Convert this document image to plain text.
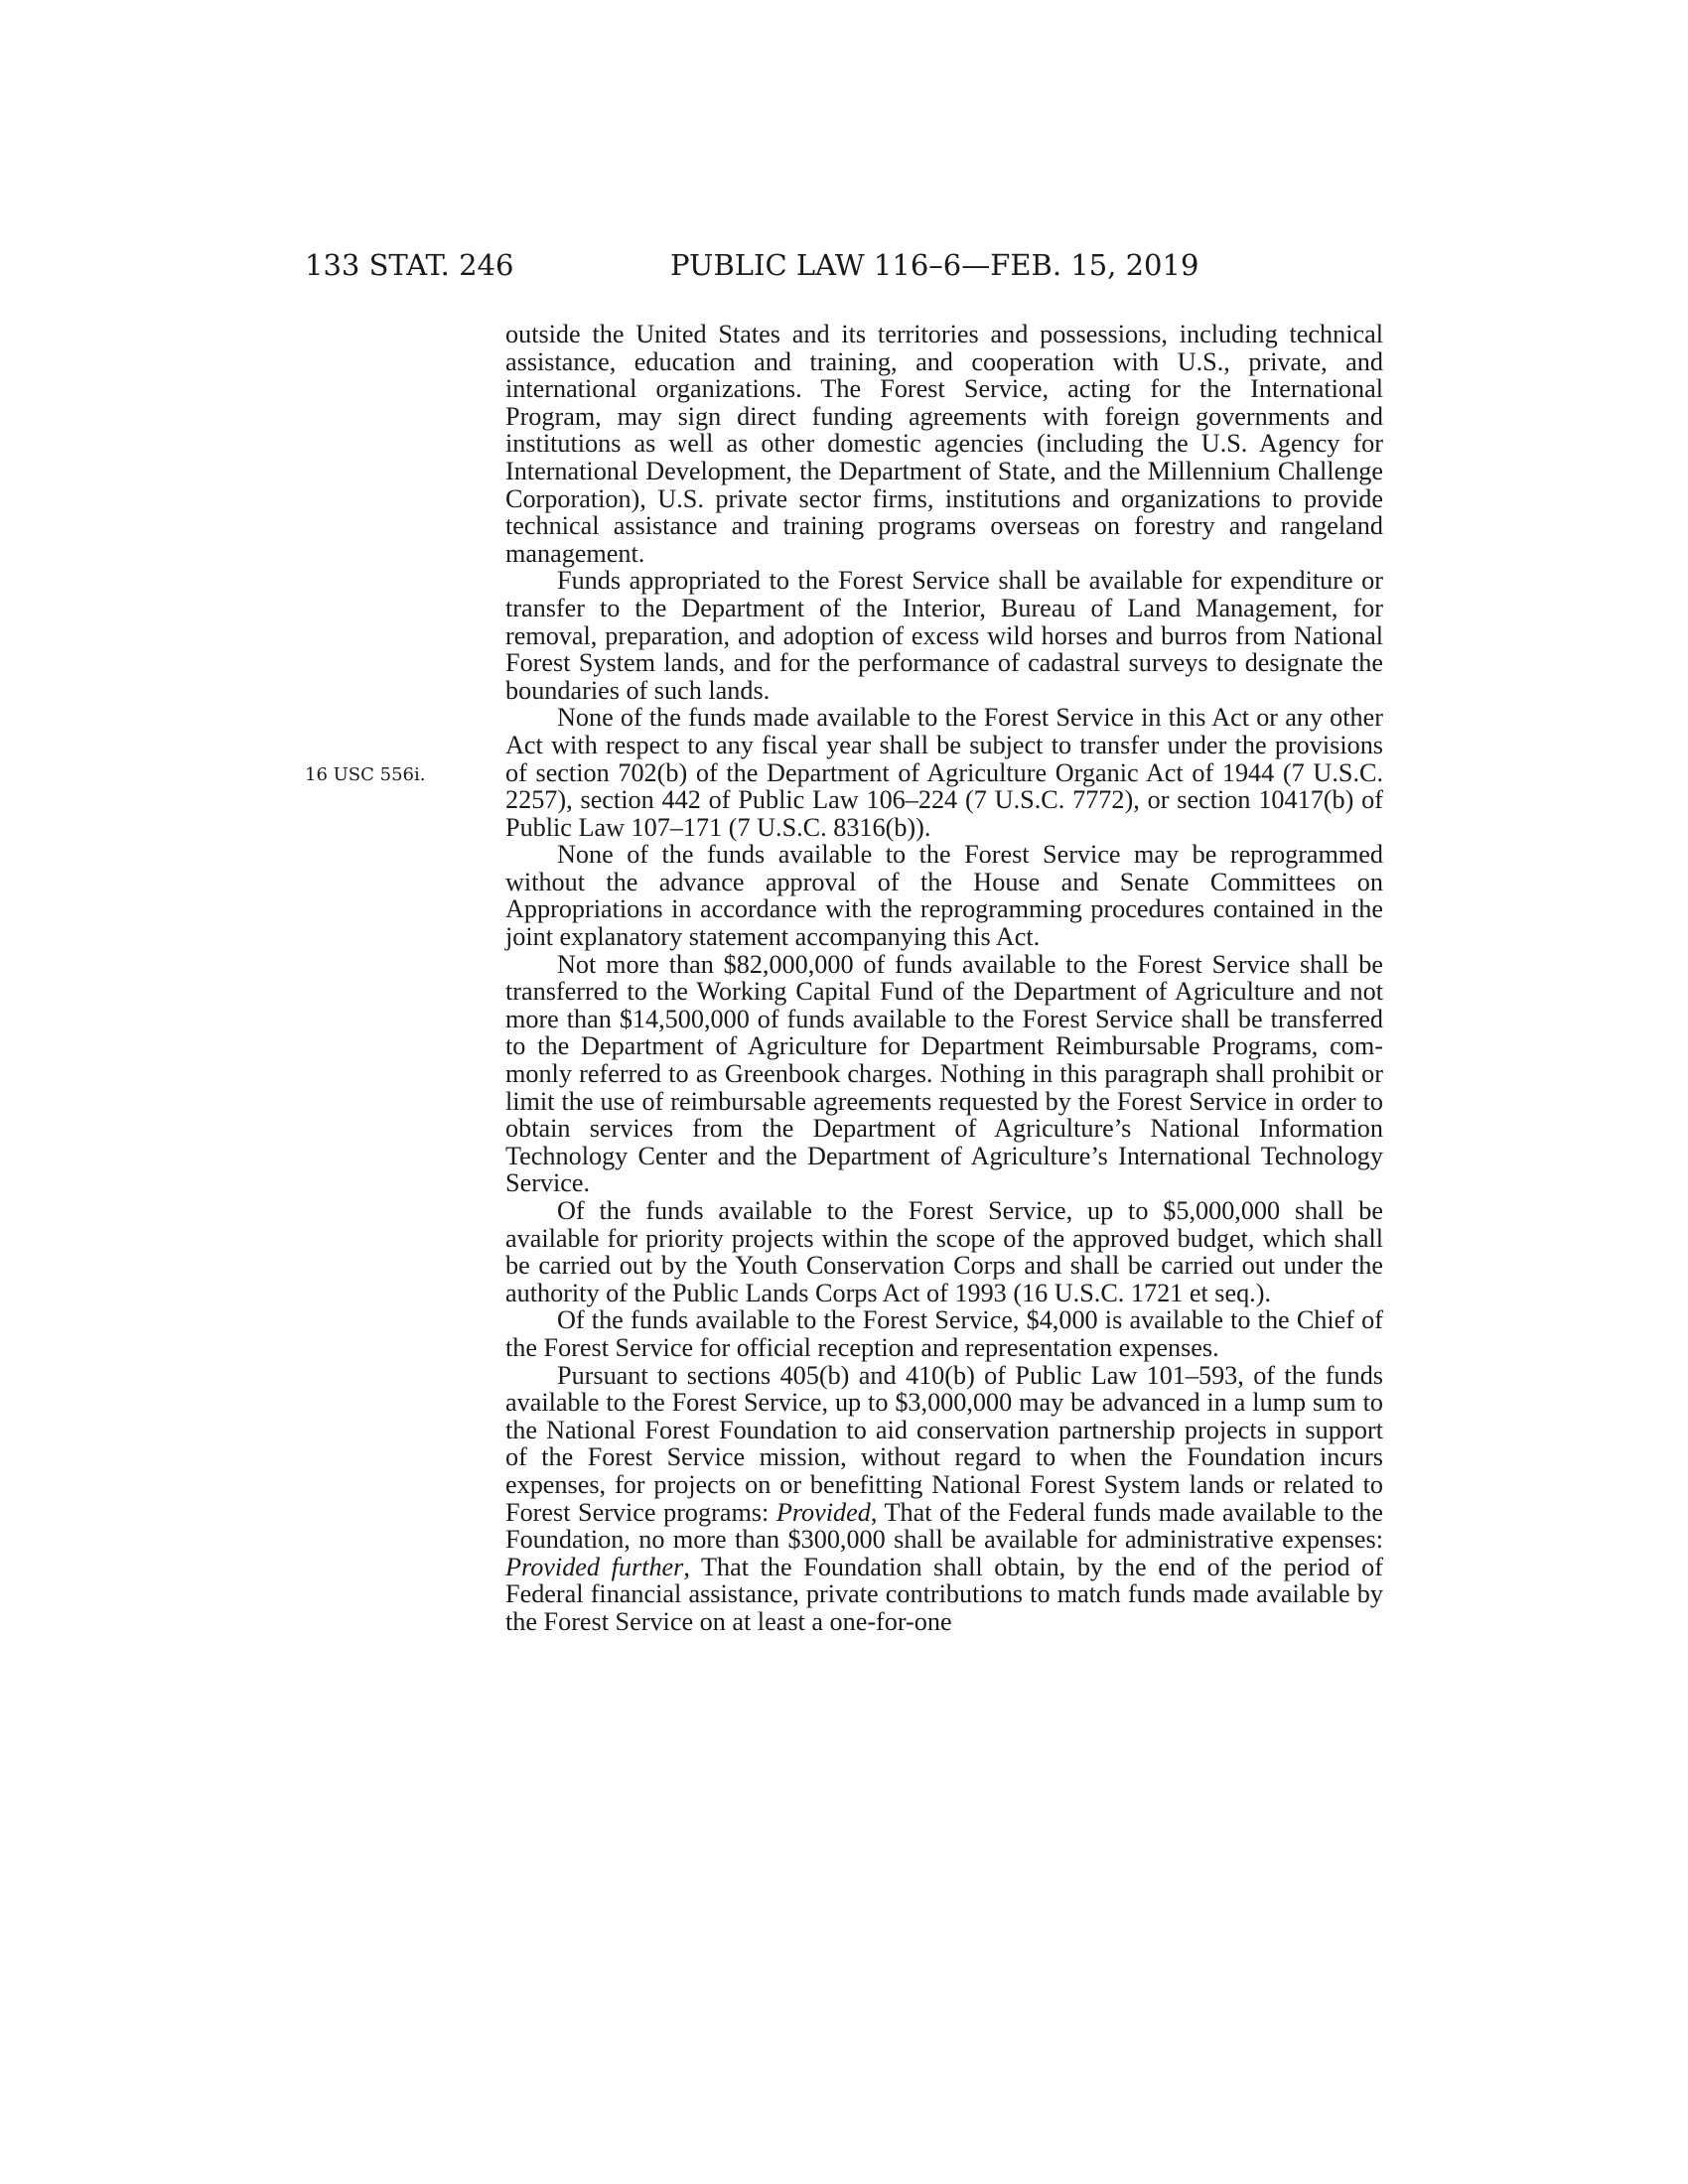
133 STAT. 246	PUBLIC LAW 116–6—FEB. 15, 2019
16 USC 556i.

outside the United States and its territories and possessions, including technical assistance, education and training, and cooperation with U.S., private, and international organizations. The Forest Service, acting for the International Program, may sign direct funding agreements with foreign governments and institutions as well as other domestic agencies (including the U.S. Agency for International Development, the Department of State, and the Millennium Challenge Corporation), U.S. private sector firms, institutions and organizations to provide technical assistance and training programs overseas on forestry and rangeland management.

Funds appropriated to the Forest Service shall be available for expenditure or transfer to the Department of the Interior, Bureau of Land Management, for removal, preparation, and adoption of excess wild horses and burros from National Forest System lands, and for the performance of cadastral surveys to designate the boundaries of such lands.

None of the funds made available to the Forest Service in this Act or any other Act with respect to any fiscal year shall be subject to transfer under the provisions of section 702(b) of the Department of Agriculture Organic Act of 1944 (7 U.S.C. 2257), section 442 of Public Law 106–224 (7 U.S.C. 7772), or section 10417(b) of Public Law 107–171 (7 U.S.C. 8316(b)).

None of the funds available to the Forest Service may be reprogrammed without the advance approval of the House and Senate Committees on Appropriations in accordance with the reprogramming procedures contained in the joint explanatory statement accompanying this Act.

Not more than $82,000,000 of funds available to the Forest Service shall be transferred to the Working Capital Fund of the Department of Agriculture and not more than $14,500,000 of funds available to the Forest Service shall be transferred to the Department of Agriculture for Department Reimbursable Programs, commonly referred to as Greenbook charges. Nothing in this paragraph shall prohibit or limit the use of reimbursable agreements requested by the Forest Service in order to obtain services from the Department of Agriculture’s National Information Technology Center and the Department of Agriculture’s International Technology Service.

Of the funds available to the Forest Service, up to $5,000,000 shall be available for priority projects within the scope of the approved budget, which shall be carried out by the Youth Conservation Corps and shall be carried out under the authority of the Public Lands Corps Act of 1993 (16 U.S.C. 1721 et seq.).

Of the funds available to the Forest Service, $4,000 is available to the Chief of the Forest Service for official reception and representation expenses.

Pursuant to sections 405(b) and 410(b) of Public Law 101–593, of the funds available to the Forest Service, up to $3,000,000 may be advanced in a lump sum to the National Forest Foundation to aid conservation partnership projects in support of the Forest Service mission, without regard to when the Foundation incurs expenses, for projects on or benefitting National Forest System lands or related to Forest Service programs: Provided, That of the Federal funds made available to the Foundation, no more than $300,000 shall be available for administrative expenses: Provided further, That the Foundation shall obtain, by the end of the period of Federal financial assistance, private contributions to match funds made available by the Forest Service on at least a one-for-one
